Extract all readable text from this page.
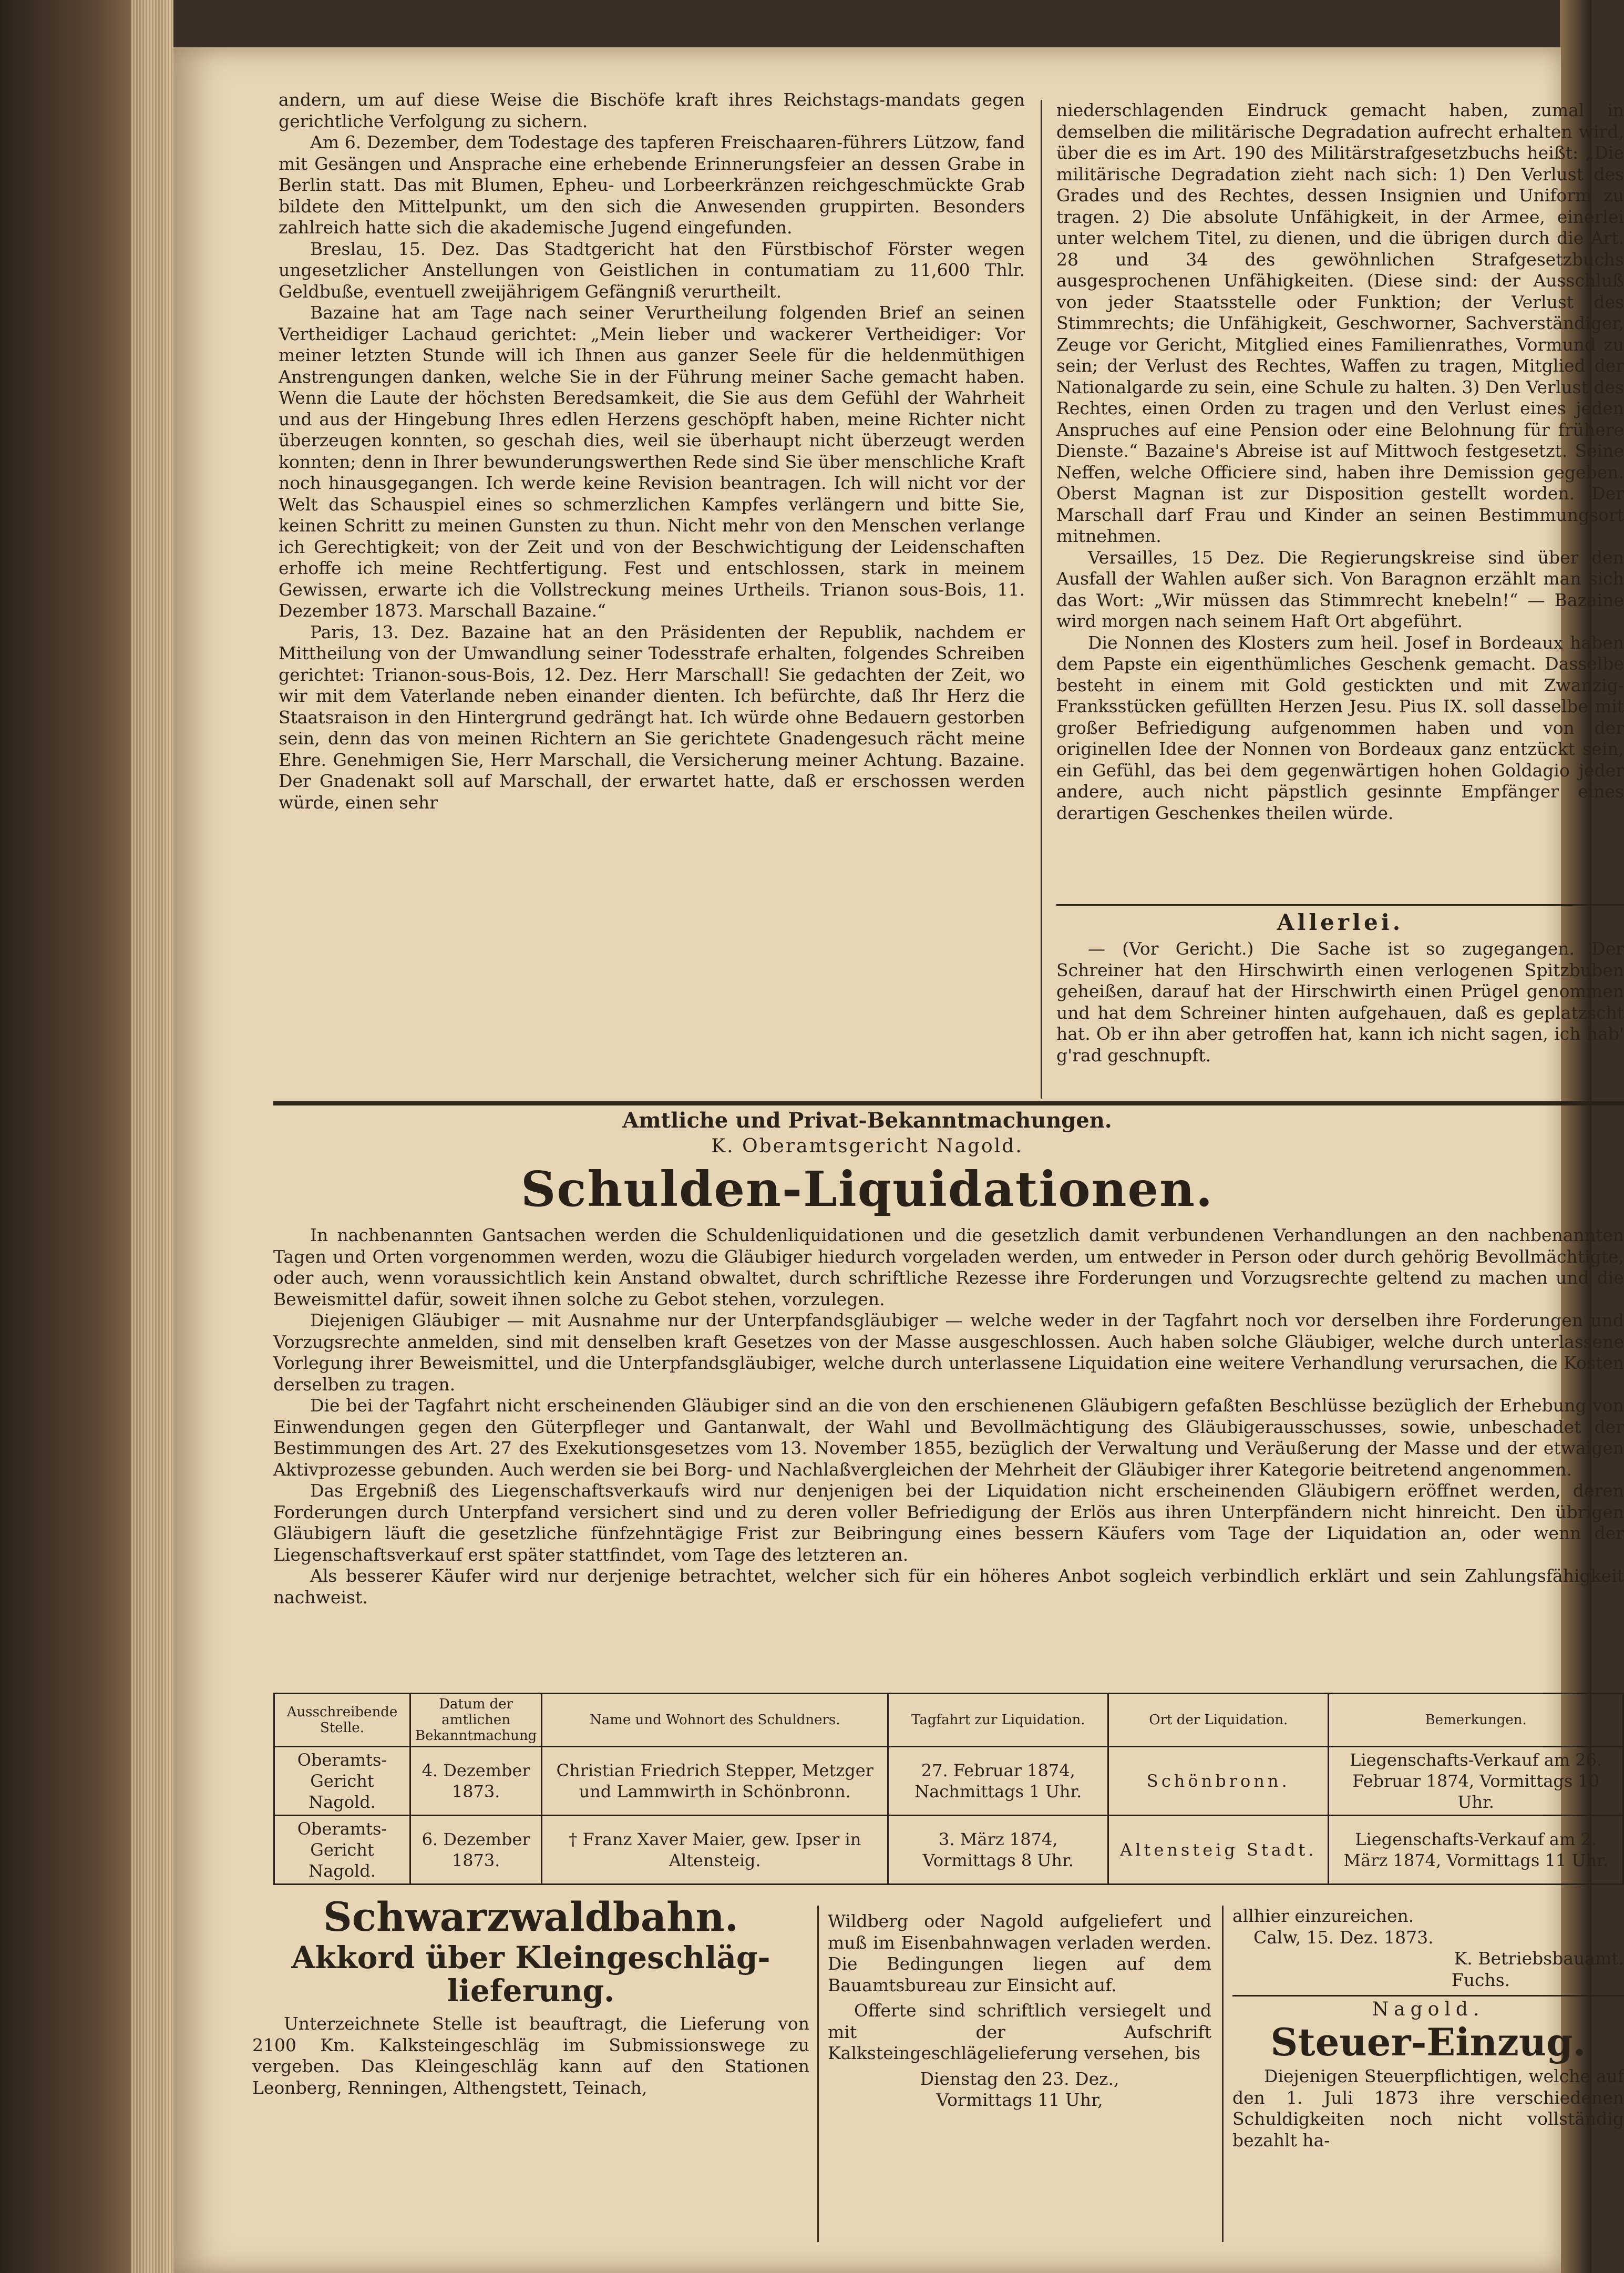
andern, um auf diese Weise die Bischöfe kraft ihres Reichstags-mandats gegen gerichtliche Verfolgung zu sichern.

Am 6. Dezember, dem Todestage des tapferen Freischaaren-führers Lützow, fand mit Gesängen und Ansprache eine erhebende Erinnerungsfeier an dessen Grabe in Berlin statt. Das mit Blumen, Epheu- und Lorbeerkränzen reichgeschmückte Grab bildete den Mittelpunkt, um den sich die Anwesenden gruppirten. Besonders zahlreich hatte sich die akademische Jugend eingefunden.

Breslau, 15. Dez. Das Stadtgericht hat den Fürstbischof Förster wegen ungesetzlicher Anstellungen von Geistlichen in contumatiam zu 11,600 Thlr. Geldbuße, eventuell zweijährigem Gefängniß verurtheilt.

Bazaine hat am Tage nach seiner Verurtheilung folgenden Brief an seinen Vertheidiger Lachaud gerichtet: „Mein lieber und wackerer Vertheidiger: Vor meiner letzten Stunde will ich Ihnen aus ganzer Seele für die heldenmüthigen Anstrengungen danken, welche Sie in der Führung meiner Sache gemacht haben. Wenn die Laute der höchsten Beredsamkeit, die Sie aus dem Gefühl der Wahrheit und aus der Hingebung Ihres edlen Herzens geschöpft haben, meine Richter nicht überzeugen konnten, so geschah dies, weil sie überhaupt nicht überzeugt werden konnten; denn in Ihrer bewunderungswerthen Rede sind Sie über menschliche Kraft noch hinausgegangen. Ich werde keine Revision beantragen. Ich will nicht vor der Welt das Schauspiel eines so schmerzlichen Kampfes verlängern und bitte Sie, keinen Schritt zu meinen Gunsten zu thun. Nicht mehr von den Menschen verlange ich Gerechtigkeit; von der Zeit und von der Beschwichtigung der Leidenschaften erhoffe ich meine Rechtfertigung. Fest und entschlossen, stark in meinem Gewissen, erwarte ich die Vollstreckung meines Urtheils. Trianon sous-Bois, 11. Dezember 1873. Marschall Bazaine.“

Paris, 13. Dez. Bazaine hat an den Präsidenten der Republik, nachdem er Mittheilung von der Umwandlung seiner Todesstrafe erhalten, folgendes Schreiben gerichtet: Trianon-sous-Bois, 12. Dez. Herr Marschall! Sie gedachten der Zeit, wo wir mit dem Vaterlande neben einander dienten. Ich befürchte, daß Ihr Herz die Staatsraison in den Hintergrund gedrängt hat. Ich würde ohne Bedauern gestorben sein, denn das von meinen Richtern an Sie gerichtete Gnadengesuch rächt meine Ehre. Genehmigen Sie, Herr Marschall, die Versicherung meiner Achtung. Bazaine. Der Gnadenakt soll auf Marschall, der erwartet hatte, daß er erschossen werden würde, einen sehr

niederschlagenden Eindruck gemacht haben, zumal in demselben die militärische Degradation aufrecht erhalten wird, über die es im Art. 190 des Militärstrafgesetzbuchs heißt: „Die militärische Degradation zieht nach sich: 1) Den Verlust des Grades und des Rechtes, dessen Insignien und Uniform zu tragen. 2) Die absolute Unfähigkeit, in der Armee, einerlei unter welchem Titel, zu dienen, und die übrigen durch die Art. 28 und 34 des gewöhnlichen Strafgesetzbuchs ausgesprochenen Unfähigkeiten. (Diese sind: der Ausschluß von jeder Staatsstelle oder Funktion; der Verlust des Stimmrechts; die Unfähigkeit, Geschworner, Sachverständiger, Zeuge vor Gericht, Mitglied eines Familienrathes, Vormund zu sein; der Verlust des Rechtes, Waffen zu tragen, Mitglied der Nationalgarde zu sein, eine Schule zu halten. 3) Den Verlust des Rechtes, einen Orden zu tragen und den Verlust eines jeden Anspruches auf eine Pension oder eine Belohnung für frühere Dienste.“ Bazaine's Abreise ist auf Mittwoch festgesetzt. Seine Neffen, welche Officiere sind, haben ihre Demission gegeben. Oberst Magnan ist zur Disposition gestellt worden. Der Marschall darf Frau und Kinder an seinen Bestimmungsort mitnehmen.

Versailles, 15 Dez. Die Regierungskreise sind über den Ausfall der Wahlen außer sich. Von Baragnon erzählt man sich das Wort: „Wir müssen das Stimmrecht knebeln!“ — Bazaine wird morgen nach seinem Haft Ort abgeführt.

Die Nonnen des Klosters zum heil. Josef in Bordeaux haben dem Papste ein eigenthümliches Geschenk gemacht. Dasselbe besteht in einem mit Gold gestickten und mit Zwanzig-Franksstücken gefüllten Herzen Jesu. Pius IX. soll dasselbe mit großer Befriedigung aufgenommen haben und von der originellen Idee der Nonnen von Bordeaux ganz entzückt sein, ein Gefühl, das bei dem gegenwärtigen hohen Goldagio jeder andere, auch nicht päpstlich gesinnte Empfänger eines derartigen Geschenkes theilen würde.

Allerlei.

— (Vor Gericht.) Die Sache ist so zugegangen. Der Schreiner hat den Hirschwirth einen verlogenen Spitzbuben geheißen, darauf hat der Hirschwirth einen Prügel genommen und hat dem Schreiner hinten aufgehauen, daß es geplatzscht hat. Ob er ihn aber getroffen hat, kann ich nicht sagen, ich hab' g'rad geschnupft.

Amtliche und Privat-Bekanntmachungen.
K. Oberamtsgericht Nagold.
Schulden-Liquidationen.

In nachbenannten Gantsachen werden die Schuldenliquidationen und die gesetzlich damit verbundenen Verhandlungen an den nachbenannten Tagen und Orten vorgenommen werden, wozu die Gläubiger hiedurch vorgeladen werden, um entweder in Person oder durch gehörig Bevollmächtigte, oder auch, wenn voraussichtlich kein Anstand obwaltet, durch schriftliche Rezesse ihre Forderungen und Vorzugsrechte geltend zu machen und die Beweismittel dafür, soweit ihnen solche zu Gebot stehen, vorzulegen.

Diejenigen Gläubiger — mit Ausnahme nur der Unterpfandsgläubiger — welche weder in der Tagfahrt noch vor derselben ihre Forderungen und Vorzugsrechte anmelden, sind mit denselben kraft Gesetzes von der Masse ausgeschlossen. Auch haben solche Gläubiger, welche durch unterlassene Vorlegung ihrer Beweismittel, und die Unterpfandsgläubiger, welche durch unterlassene Liquidation eine weitere Verhandlung verursachen, die Kosten derselben zu tragen.

Die bei der Tagfahrt nicht erscheinenden Gläubiger sind an die von den erschienenen Gläubigern gefaßten Beschlüsse bezüglich der Erhebung von Einwendungen gegen den Güterpfleger und Gantanwalt, der Wahl und Bevollmächtigung des Gläubigerausschusses, sowie, unbeschadet der Bestimmungen des Art. 27 des Exekutionsgesetzes vom 13. November 1855, bezüglich der Verwaltung und Veräußerung der Masse und der etwaigen Aktivprozesse gebunden. Auch werden sie bei Borg- und Nachlaßvergleichen der Mehrheit der Gläubiger ihrer Kategorie beitretend angenommen.

Das Ergebniß des Liegenschaftsverkaufs wird nur denjenigen bei der Liquidation nicht erscheinenden Gläubigern eröffnet werden, deren Forderungen durch Unterpfand versichert sind und zu deren voller Befriedigung der Erlös aus ihren Unterpfändern nicht hinreicht. Den übrigen Gläubigern läuft die gesetzliche fünfzehntägige Frist zur Beibringung eines bessern Käufers vom Tage der Liquidation an, oder wenn der Liegenschaftsverkauf erst später stattfindet, vom Tage des letzteren an.

Als besserer Käufer wird nur derjenige betrachtet, welcher sich für ein höheres Anbot sogleich verbindlich erklärt und sein Zahlungsfähigkeit nachweist.

Ausschreibende Stelle.	Datum der amtlichen Bekanntmachung	Name und Wohnort des Schuldners.	Tagfahrt zur Liquidation.	Ort der Liquidation.	Bemerkungen.
Oberamts-Gericht Nagold.	4. Dezember 1873.	Christian Friedrich Stepper, Metzger und Lammwirth in Schönbronn.	27. Februar 1874, Nachmittags 1 Uhr.	Schönbronn.	Liegenschafts-Verkauf am 26. Februar 1874, Vormittags 10 Uhr.
Oberamts-Gericht Nagold.	6. Dezember 1873.	† Franz Xaver Maier, gew. Ipser in Altensteig.	3. März 1874, Vormittags 8 Uhr.	Altensteig Stadt.	Liegenschafts-Verkauf am 2. März 1874, Vormittags 11 Uhr.
Schwarzwaldbahn.
Akkord über Kleingeschläg-lieferung.

Unterzeichnete Stelle ist beauftragt, die Lieferung von 2100 Km. Kalksteingeschläg im Submissionswege zu vergeben. Das Kleingeschläg kann auf den Stationen Leonberg, Renningen, Althengstett, Teinach,

Wildberg oder Nagold aufgeliefert und muß im Eisenbahnwagen verladen werden. Die Bedingungen liegen auf dem Bauamtsbureau zur Einsicht auf.

Offerte sind schriftlich versiegelt und mit der Aufschrift Kalksteingeschlägelieferung versehen, bis

Dienstag den 23. Dez.,

Vormittags 11 Uhr,

allhier einzureichen.

Calw, 15. Dez. 1873.

K. Betriebsbauamt.

Fuchs.

Nagold.

Steuer-Einzug.

Diejenigen Steuerpflichtigen, welche auf den 1. Juli 1873 ihre verschiedenen Schuldigkeiten noch nicht vollständig bezahlt ha-
